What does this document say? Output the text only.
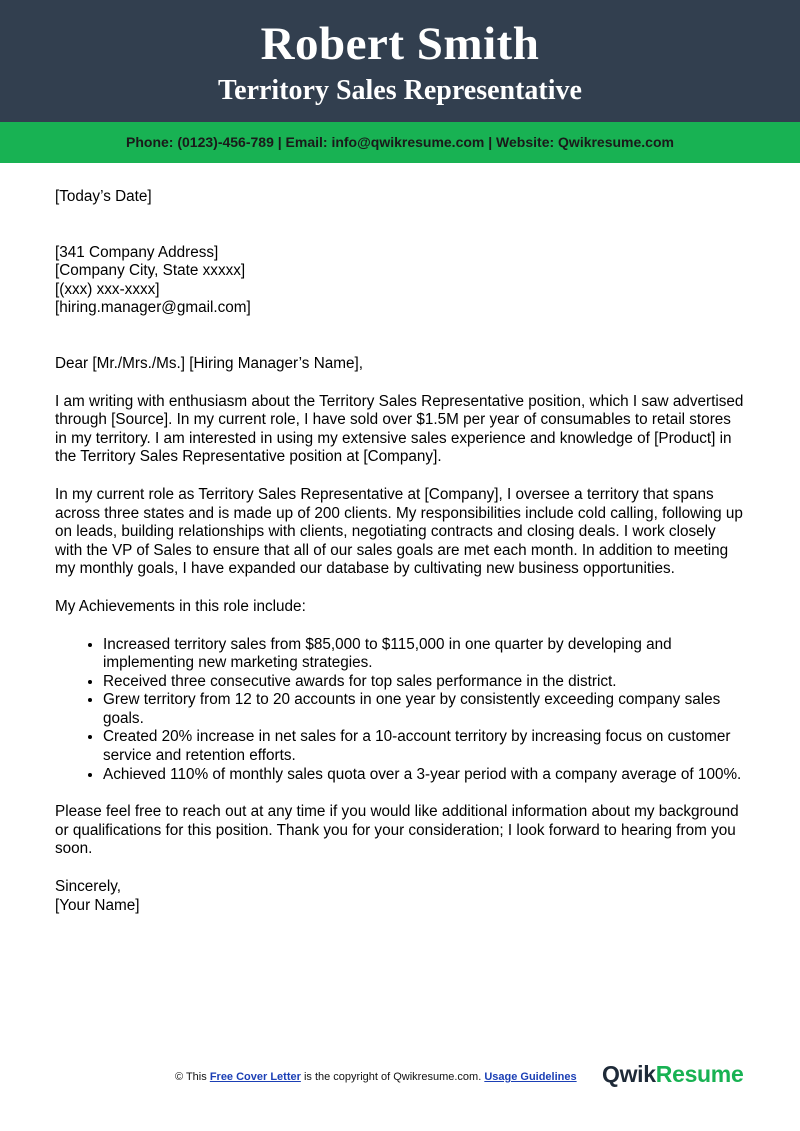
Robert Smith
Territory Sales Representative
Phone: (0123)-456-789 | Email: info@qwikresume.com | Website: Qwikresume.com

[Today’s Date]

[341 Company Address]

[Company City, State xxxxx]

[(xxx) xxx-xxxx]

[hiring.manager@gmail.com]

Dear [Mr./Mrs./Ms.] [Hiring Manager’s Name],

I am writing with enthusiasm about the Territory Sales Representative position, which I saw advertised through [Source]. In my current role, I have sold over $1.5M per year of consumables to retail stores in my territory. I am interested in using my extensive sales experience and knowledge of [Product] in the Territory Sales Representative position at [Company].

In my current role as Territory Sales Representative at [Company], I oversee a territory that spans across three states and is made up of 200 clients. My responsibilities include cold calling, following up on leads, building relationships with clients, negotiating contracts and closing deals. I work closely with the VP of Sales to ensure that all of our sales goals are met each month. In addition to meeting my monthly goals, I have expanded our database by cultivating new business opportunities.

My Achievements in this role include:

• Increased territory sales from $85,000 to $115,000 in one quarter by developing and implementing new marketing strategies.
• Received three consecutive awards for top sales performance in the district.
• Grew territory from 12 to 20 accounts in one year by consistently exceeding company sales goals.
• Created 20% increase in net sales for a 10-account territory by increasing focus on customer service and retention efforts.
• Achieved 110% of monthly sales quota over a 3-year period with a company average of 100%.

Please feel free to reach out at any time if you would like additional information about my background or qualifications for this position. Thank you for your consideration; I look forward to hearing from you soon.

Sincerely,

[Your Name]

© This Free Cover Letter is the copyright of Qwikresume.com. Usage Guidelines QwikResume
